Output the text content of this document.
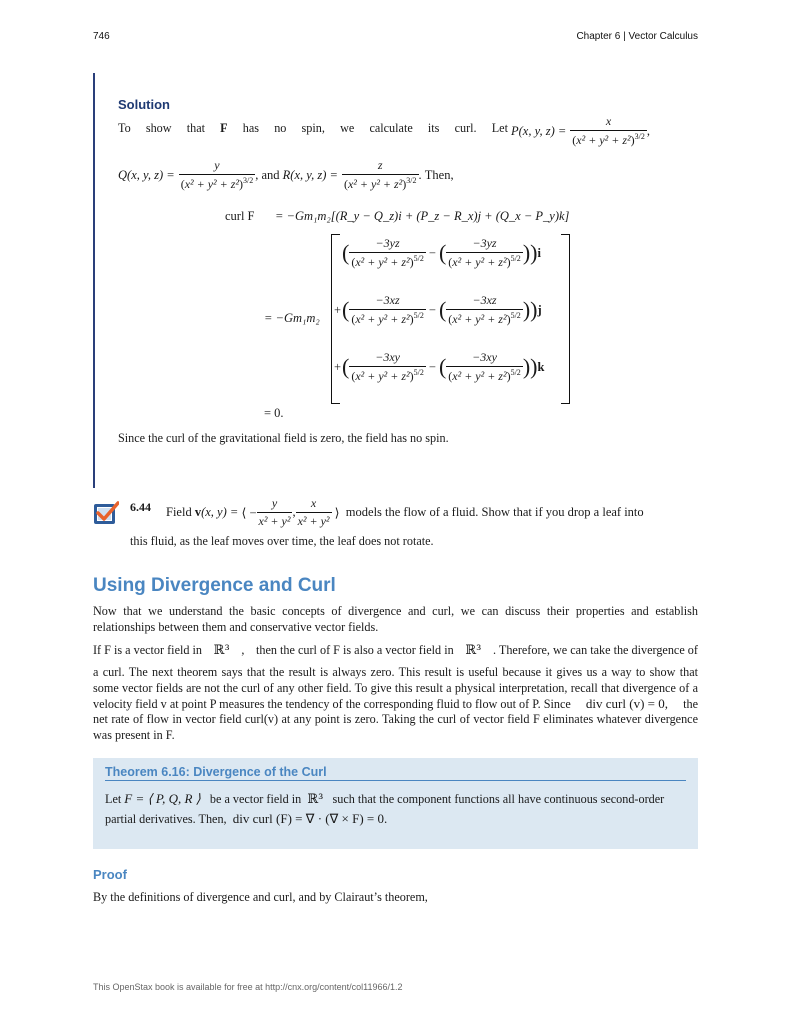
746	Chapter 6 | Vector Calculus
Solution
To show that F has no spin, we calculate its curl. Let P(x, y, $z) = \frac{x}{(x^2 + y^2 + z^2)^{3/2}}$ ,
Q(x, y, $z) = \frac{y}{(x^2 + y^2 + z^2)^{3/2}}$ , and
R(x, y, $z) = \frac{z}{(x^2 + y^2 + z^2)^{3/2}}$ . Then,
curl F	= −Gm₁m₂[(R_y − Q_z)i + (P_z − R_x)j + (Q_x − P_y)k]
= −Gm₁m₂
( $\frac{-3yz}{(x^2 + y^2 + z^2)^{5/2}}$ − ( $\frac{-3yz}{(x^2 + y^2 + z^2)^{5/2}}$ )) i
+ ( $\frac{-3xz}{(x^2 + y^2 + z^2)^{5/2}}$ − ( $\frac{-3xz}{(x^2 + y^2 + z^2)^{5/2}}$ )) j
+ ( $\frac{-3xy}{(x^2 + y^2 + z^2)^{5/2}}$ − ( $\frac{-3xy}{(x^2 + y^2 + z^2)^{5/2}}$ )) k
= 0.
Since the curl of the gravitational field is zero, the field has no spin.
6.44 Field
v(x, y) = ⟨ − $\frac{y}{\text{x² + y²}}$ , $\frac{x}{\text{x² + y²}}$ ⟩ models the flow of a fluid. Show that if you drop a leaf into
this fluid, as the leaf moves over time, the leaf does not rotate.
Using Divergence and Curl
Now that we understand the basic concepts of divergence and curl, we can discuss their properties and establish relationships between them and conservative vector fields.
If F is a vector field in ℝ³ , then the curl of F is also a vector field in ℝ³ . Therefore, we can take the divergence of
a curl. The next theorem says that the result is always zero. This result is useful because it gives us a way to show that
some vector fields are not the curl of any other field. To give this result a physical interpretation, recall that divergence of a
velocity field v at point P measures the tendency of the corresponding fluid to flow out of P. Since div curl (v) = 0, the
net rate of flow in vector field curl(v) at any point is zero. Taking the curl of vector field F eliminates whatever divergence
was present in F.
Theorem 6.16: Divergence of the Curl
Let F = ⟨ P, Q, R ⟩ be a vector field in ℝ³ such that the component functions all have continuous second-order
partial derivatives. Then, div curl (F) = ∇ · (∇ × F) = 0.
Proof
By the definitions of divergence and curl, and by Clairaut’s theorem,
This OpenStax book is available for free at http://cnx.org/content/col11966/1.2
